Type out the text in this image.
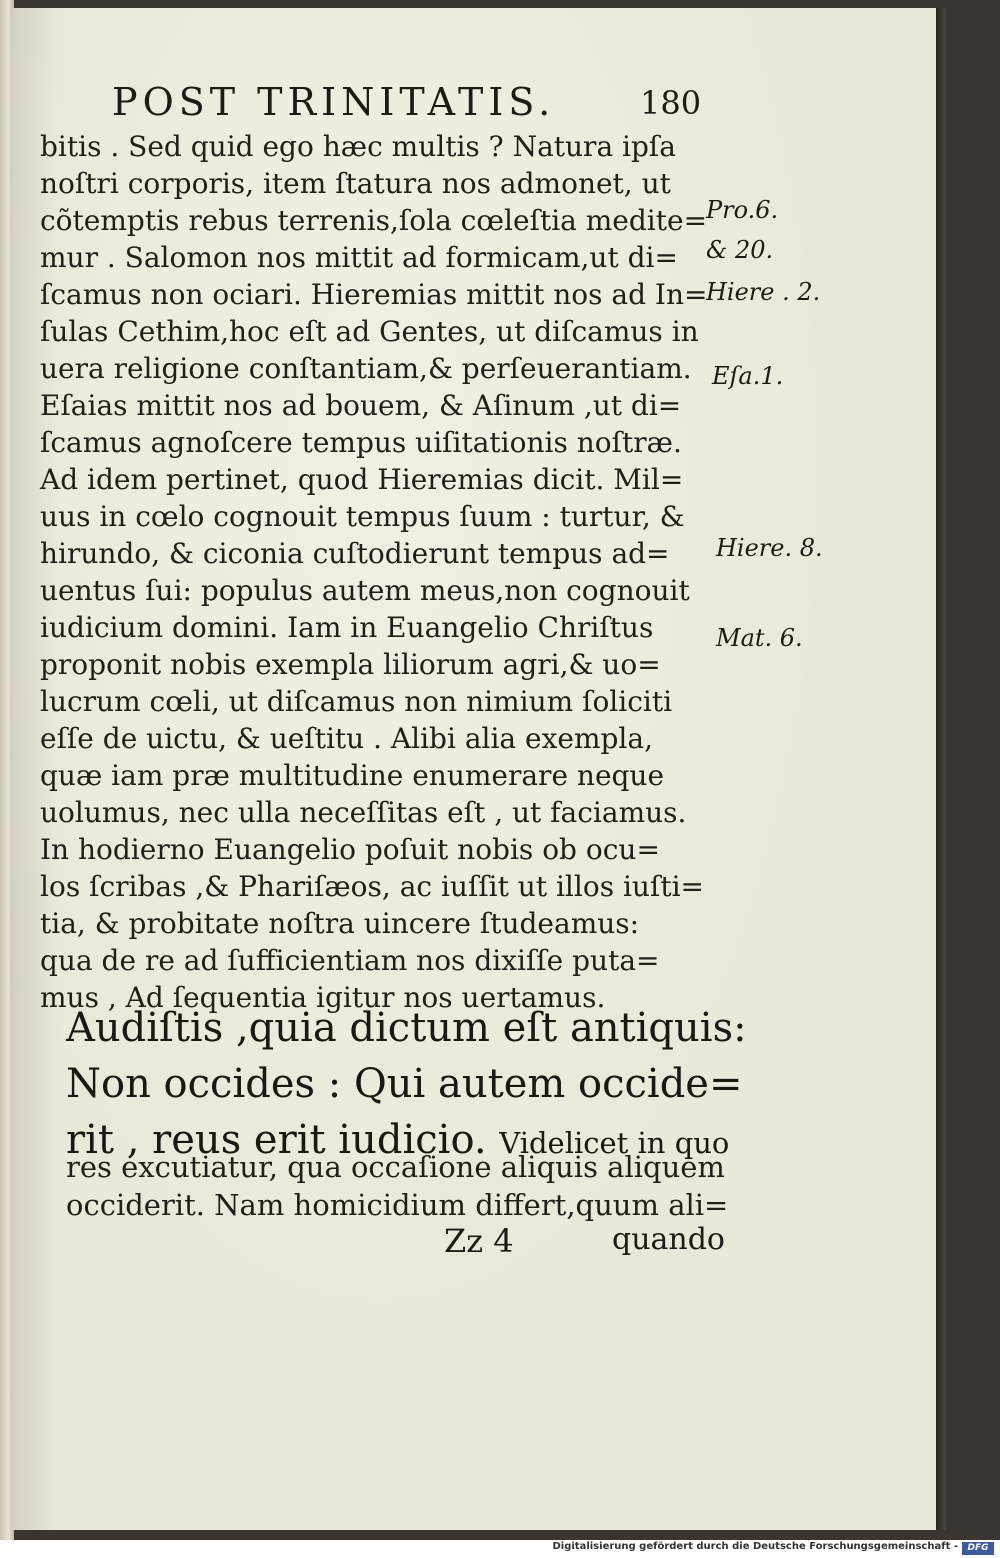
POST TRINITATIS.	180
bitis . Sed quid ego hæc multis ? Natura ipſa
noſtri corporis, item ſtatura nos admonet, ut
cõtemptis rebus terrenis,ſola cœleſtia medite=
mur . Salomon nos mittit ad formicam,ut di=
ſcamus non ociari. Hieremias mittit nos ad In=
ſulas Cethim,hoc eſt ad Gentes, ut diſcamus in
uera religione conſtantiam,& perſeuerantiam.
Eſaias mittit nos ad bouem, & Aſinum ,ut di=
ſcamus agnoſcere tempus uiſitationis noſtræ.
Ad idem pertinet, quod Hieremias dicit. Mil=
uus in cœlo cognouit tempus ſuum : turtur, &
hirundo, & ciconia cuſtodierunt tempus ad=
uentus ſui: populus autem meus,non cognouit
iudicium domini. Iam in Euangelio Chriſtus
proponit nobis exempla liliorum agri,& uo=
lucrum cœli, ut diſcamus non nimium ſoliciti
eſſe de uictu, & ueſtitu . Alibi alia exempla,
quæ iam præ multitudine enumerare neque
uolumus, nec ulla neceſſitas eſt , ut faciamus.
In hodierno Euangelio poſuit nobis ob ocu=
los ſcribas ,& Phariſæos, ac iuſſit ut illos iuſti=
tia, & probitate noſtra uincere ſtudeamus:
qua de re ad ſufficientiam nos dixiſſe puta=
mus , Ad ſequentia igitur nos uertamus.
Audiſtis ,quia dictum eſt antiquis:
Non occides : Qui autem occide=
rit , reus erit iudicio. Videlicet in quo
res excutiatur, qua occaſione aliquis aliquem
occiderit. Nam homicidium differt,quum ali=
Zz 4	quando
Pro.6.
& 20.
Hiere . 2.
Eſa.1.
Hiere. 8.
Mat. 6.
Digitalisierung gefördert durch die Deutsche Forschungsgemeinschaft -	DFG
